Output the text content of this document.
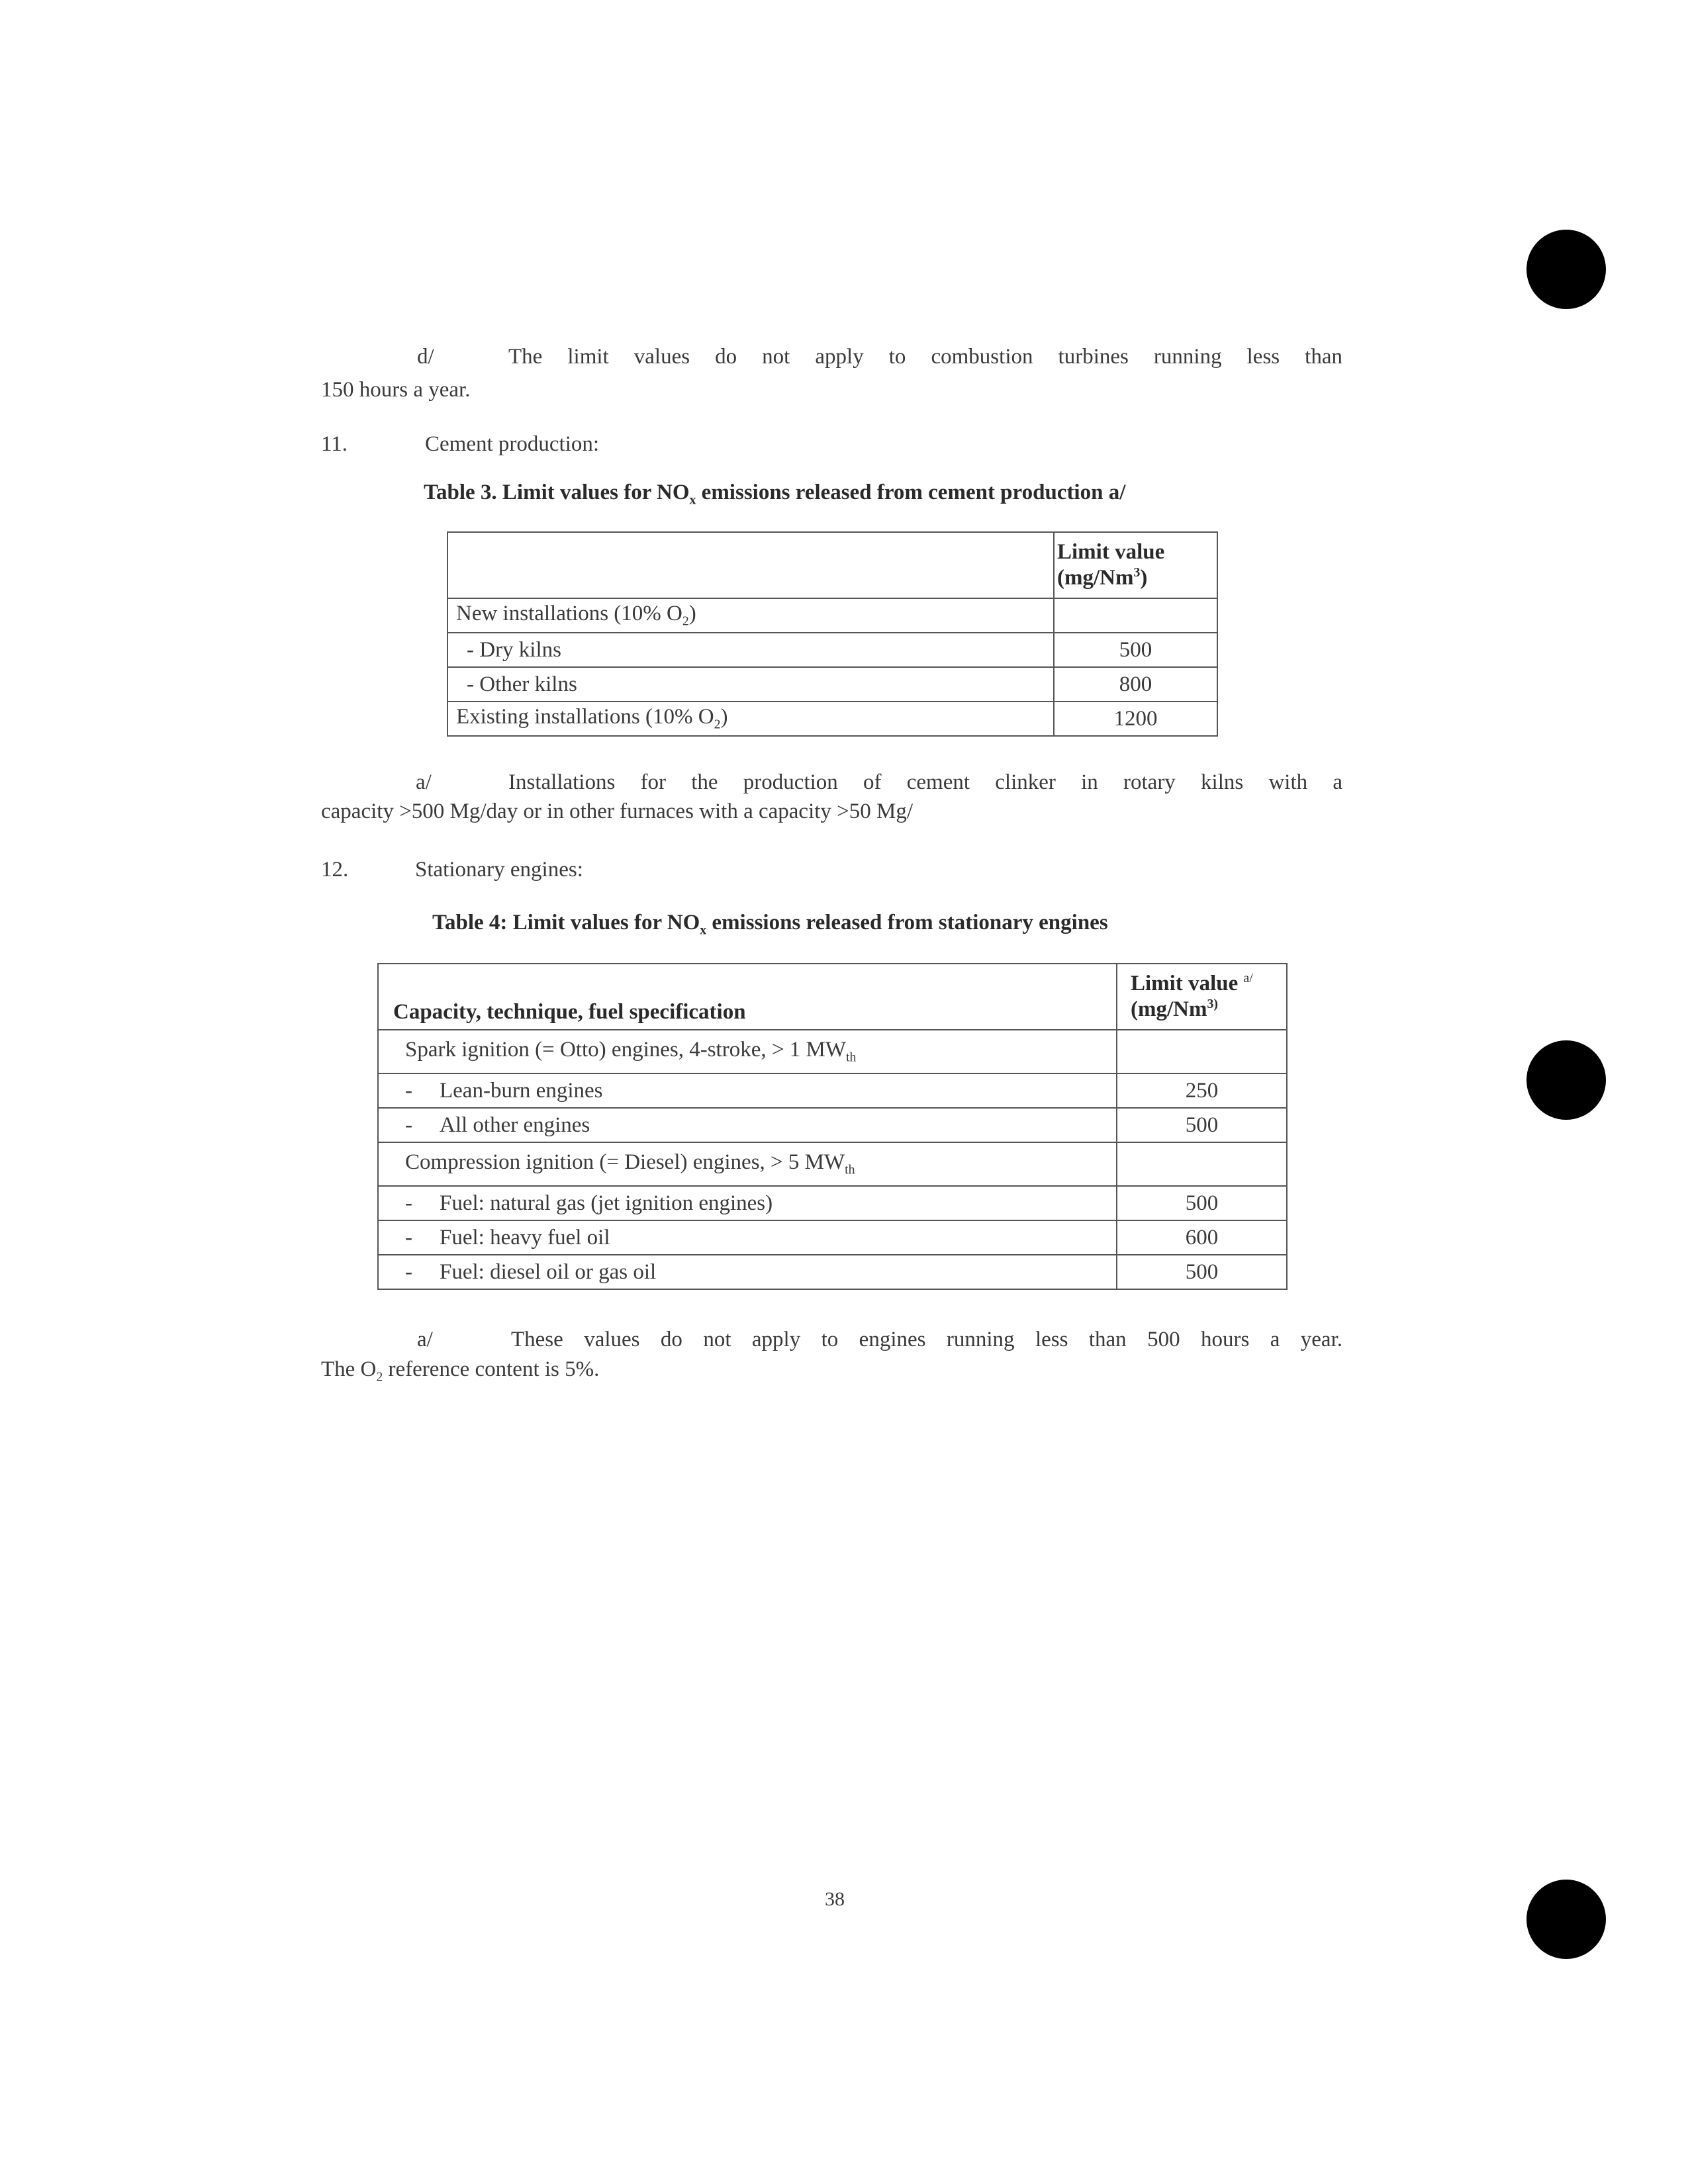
d/	The limit values do not apply to combustion turbines running less than
150 hours a year.
11.	Cement production:
Table 3. Limit values for $NO_x$ emissions released from cement production a/

	Limit value
(mg/Nm$^3$)

New installations (10% $O_2$)	
- Dry kilns	500
- Other kilns	800
Existing installations (10% $O_2$)	1200
a/	Installations for the production of cement clinker in rotary kilns with a
capacity >500 Mg/day or in other furnaces with a capacity >50 Mg/
12.	Stationary engines:
Table 4: Limit values for $NO_x$ emissions released from stationary engines
Capacity, technique, fuel specification	Limit value $^{a/}$
(mg/Nm$^{3)}$

Spark ignition (= Otto) engines, 4-stroke, > 1 $MW_{th}$	
- Lean-burn engines	250
- All other engines	500
Compression ignition (= Diesel) engines, > 5 $MW_{th}$	
- Fuel: natural gas (jet ignition engines)	500
- Fuel: heavy fuel oil	600
- Fuel: diesel oil or gas oil	500
a/	These values do not apply to engines running less than 500 hours a year.
The $O_2$ reference content is 5%.
38
